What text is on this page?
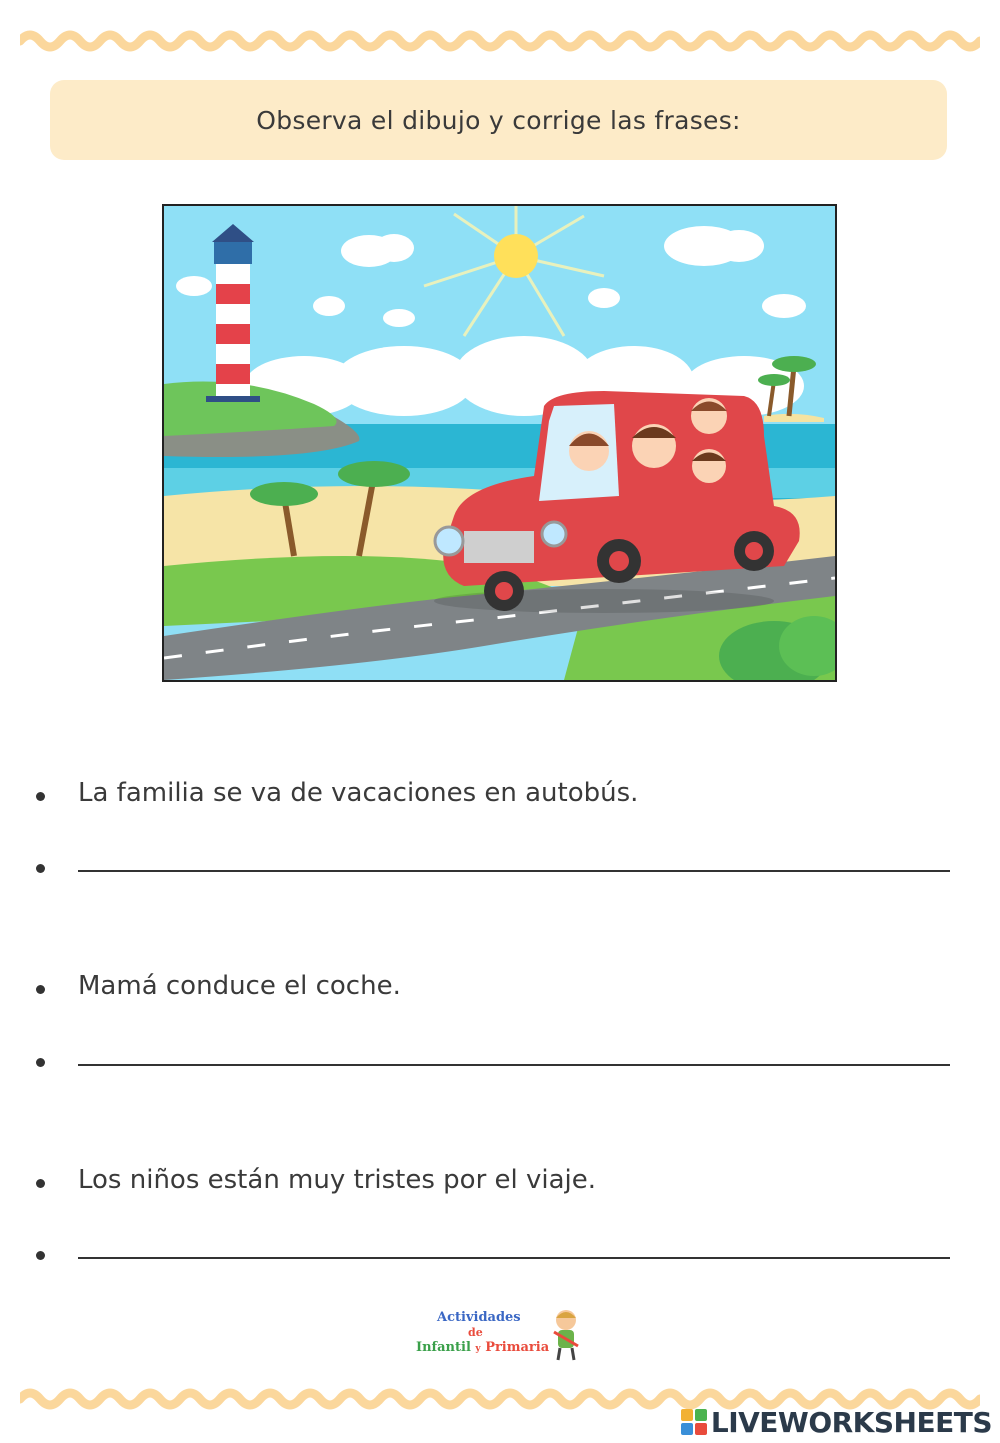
Observa el dibujo y corrige las frases:
La familia se va de vacaciones en autobús.
Mamá conduce el coche.
Los niños están muy tristes por el viaje.
Actividades
de
Infantil y Primaria
LIVEWORKSHEETS
